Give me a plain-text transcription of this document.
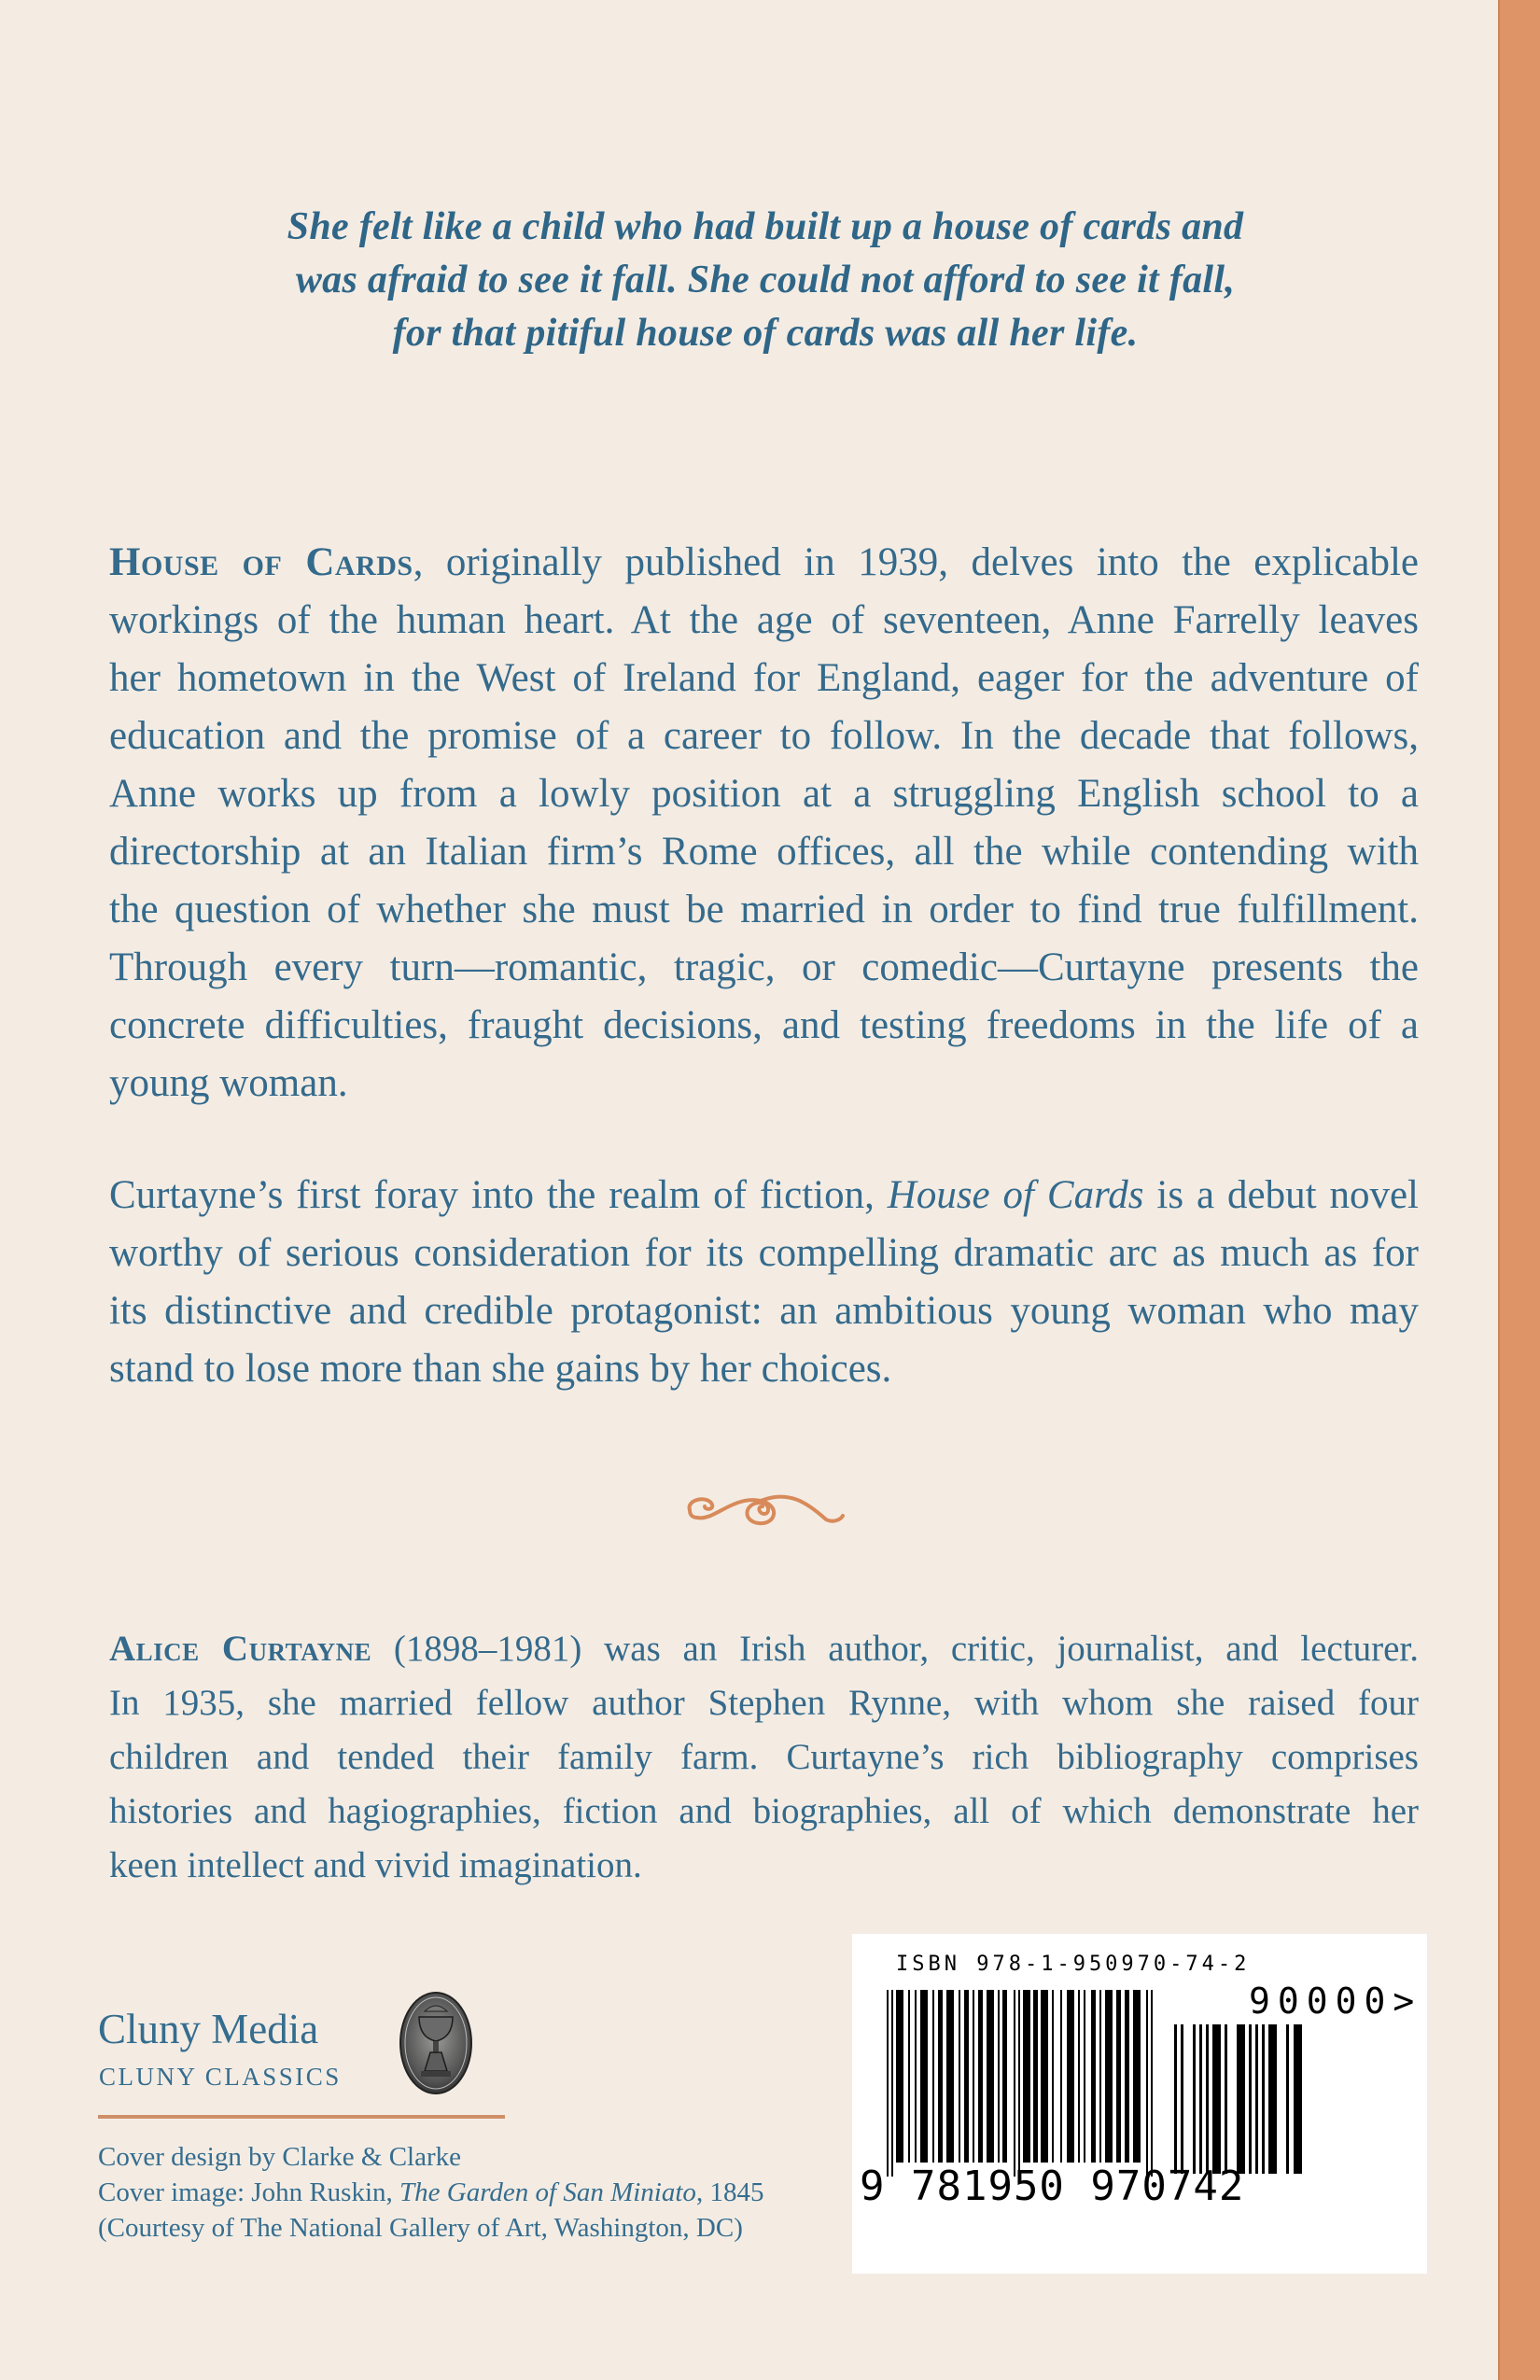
She felt like a child who had built up a house of cards and
was afraid to see it fall. She could not afford to see it fall,
for that pitiful house of cards was all her life.
House of Cards, originally published in 1939, delves into the explicable
workings of the human heart. At the age of seventeen, Anne Farrelly leaves
her hometown in the West of Ireland for England, eager for the adventure of
education and the promise of a career to follow. In the decade that follows,
Anne works up from a lowly position at a struggling English school to a
directorship at an Italian firm’s Rome offices, all the while contending with
the question of whether she must be married in order to find true fulfillment.
Through every turn—romantic, tragic, or comedic—Curtayne presents the
concrete difficulties, fraught decisions, and testing freedoms in the life of a
young woman.
Curtayne’s first foray into the realm of fiction, House of Cards is a debut novel
worthy of serious consideration for its compelling dramatic arc as much as for
its distinctive and credible protagonist: an ambitious young woman who may
stand to lose more than she gains by her choices.
Alice Curtayne (1898–1981) was an Irish author, critic, journalist, and lecturer.
In 1935, she married fellow author Stephen Rynne, with whom she raised four
children and tended their family farm. Curtayne’s rich bibliography comprises
histories and hagiographies, fiction and biographies, all of which demonstrate her
keen intellect and vivid imagination.
Cluny Media
CLUNY CLASSICS
Cover design by Clarke & Clarke
Cover image: John Ruskin, The Garden of San Miniato, 1845
(Courtesy of The National Gallery of Art, Washington, DC)
ISBN 978-1-950970-74-2
90000>
9 781950 970742
